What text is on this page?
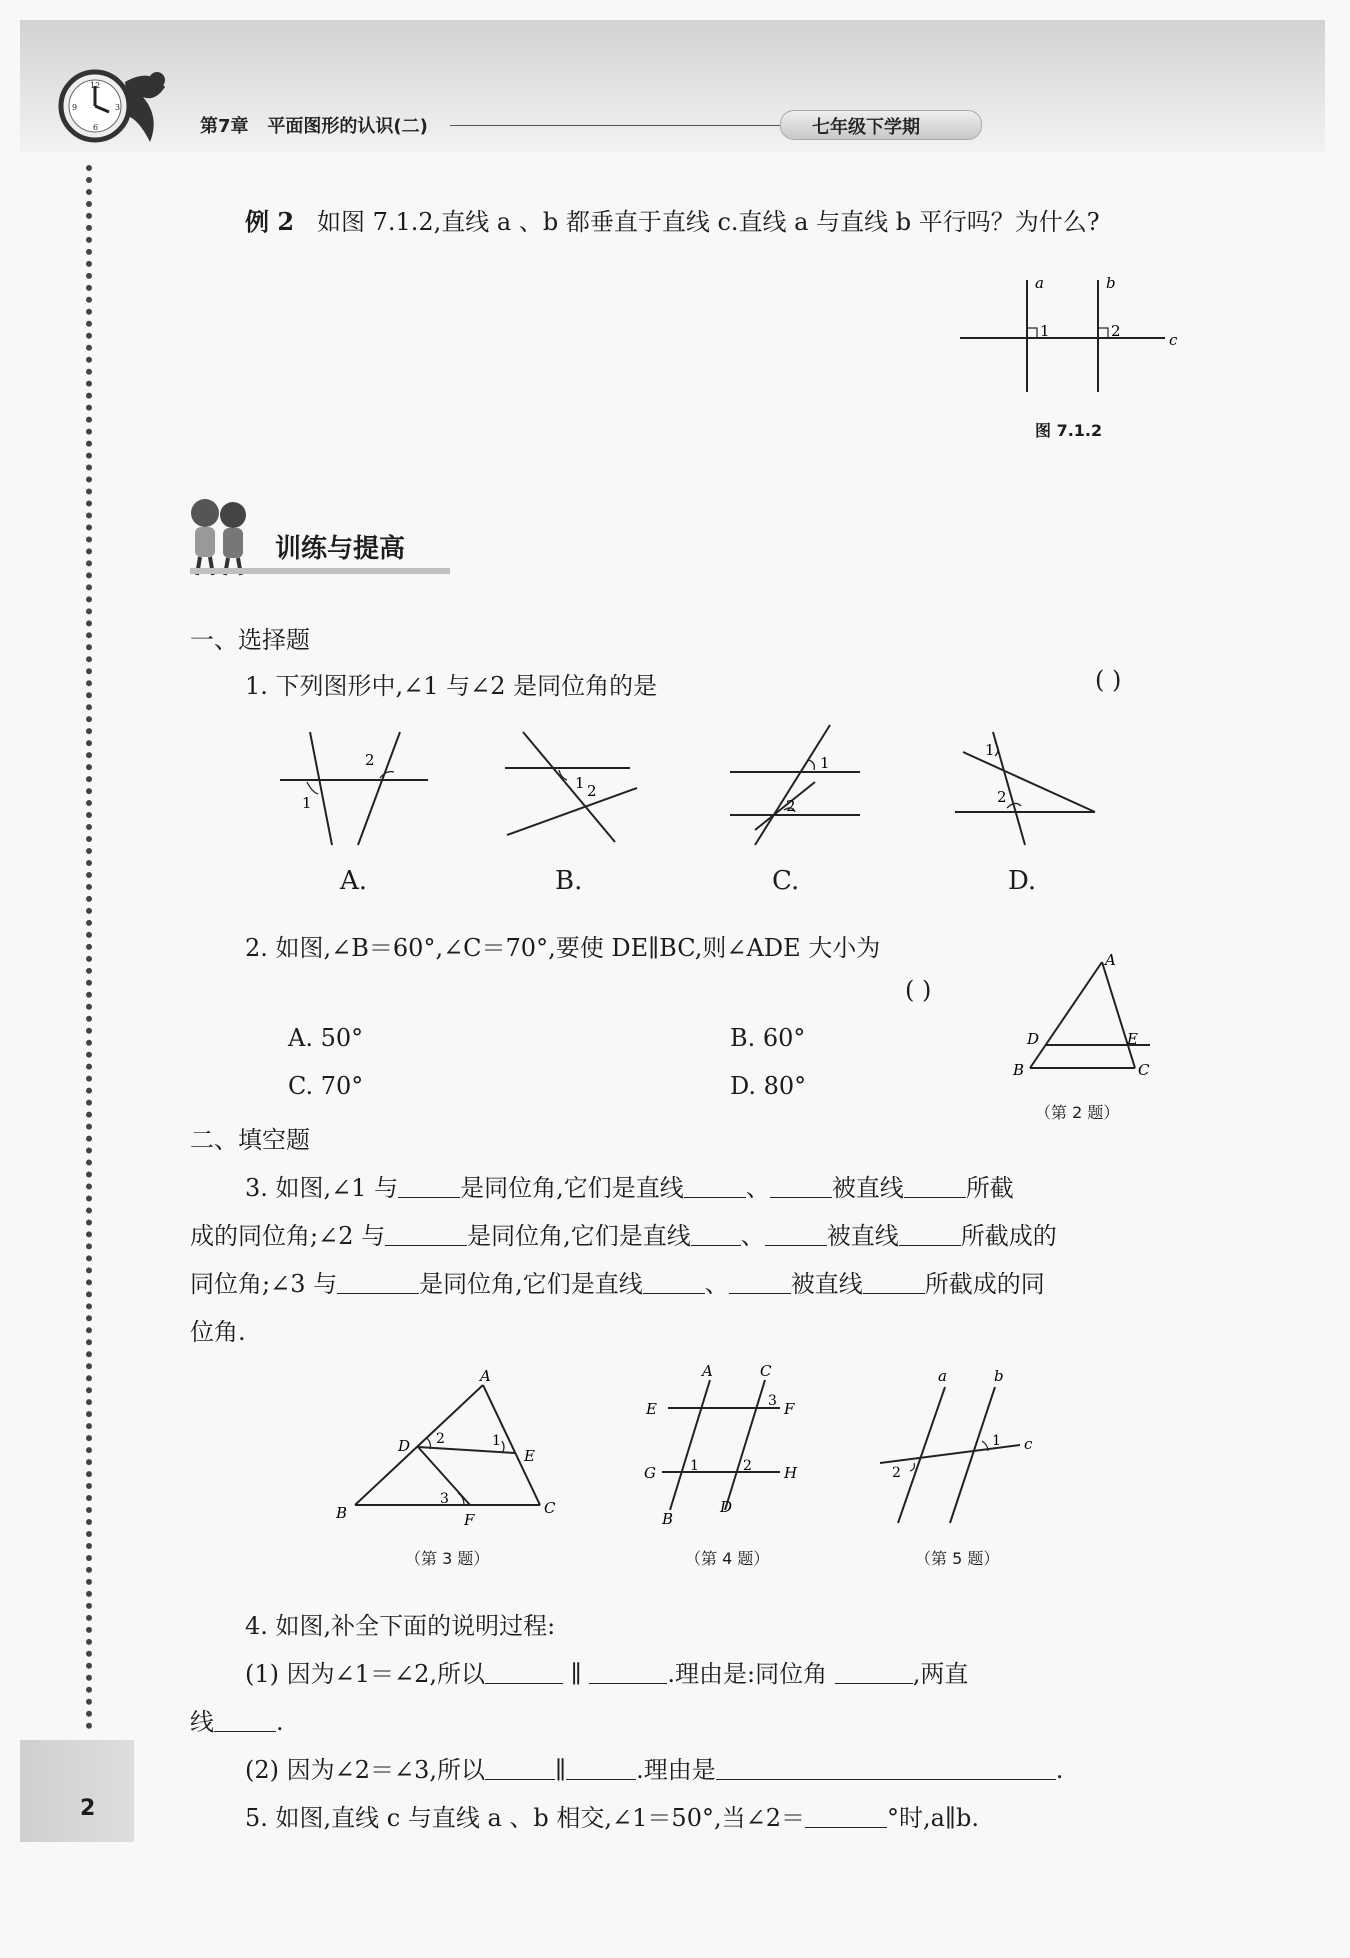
12
3
6
9
第7章 平面图形的认识(二)	七年级下学期
2
例 2 如图 7.1.2,直线 a 、b 都垂直于直线 c.直线 a 与直线 b 平行吗？为什么?
a	b
c
1	2
图 7.1.2
训练与提高
一、选择题
1. 下列图形中,∠1 与∠2 是同位角的是	( )
1
2
1 2
1
2
1
2
A.	B.	C.	D.
2. 如图,∠B＝60°,∠C＝70°,要使 DE∥BC,则∠ADE 大小为
( )
A. 50°	B. 60°
C. 70°	D. 80°
A
D	E
B	C
（第 2 题）
二、填空题
3. 如图,∠1 与	是同位角,它们是直线	、	被直线	所截
成的同位角;∠2 与	是同位角,它们是直线 、	被直线	所截成的
同位角;∠3 与	是同位角,它们是直线	、	被直线	所截成的同
位角.
A
D
E
B	C
F
2	1
3
（第 3 题）
A	C
E	F
G	H
B
D
3
1	2
（第 4 题）
a	b
c
1
2
（第 5 题）
4. 如图,补全下面的说明过程:
(1) 因为∠1＝∠2,所以	∥	.理由是:同位角	,两直
线	.
(2) 因为∠2＝∠3,所以	∥	.理由是	.
5. 如图,直线 c 与直线 a 、b 相交,∠1＝50°,当∠2＝	°时,a∥b.
